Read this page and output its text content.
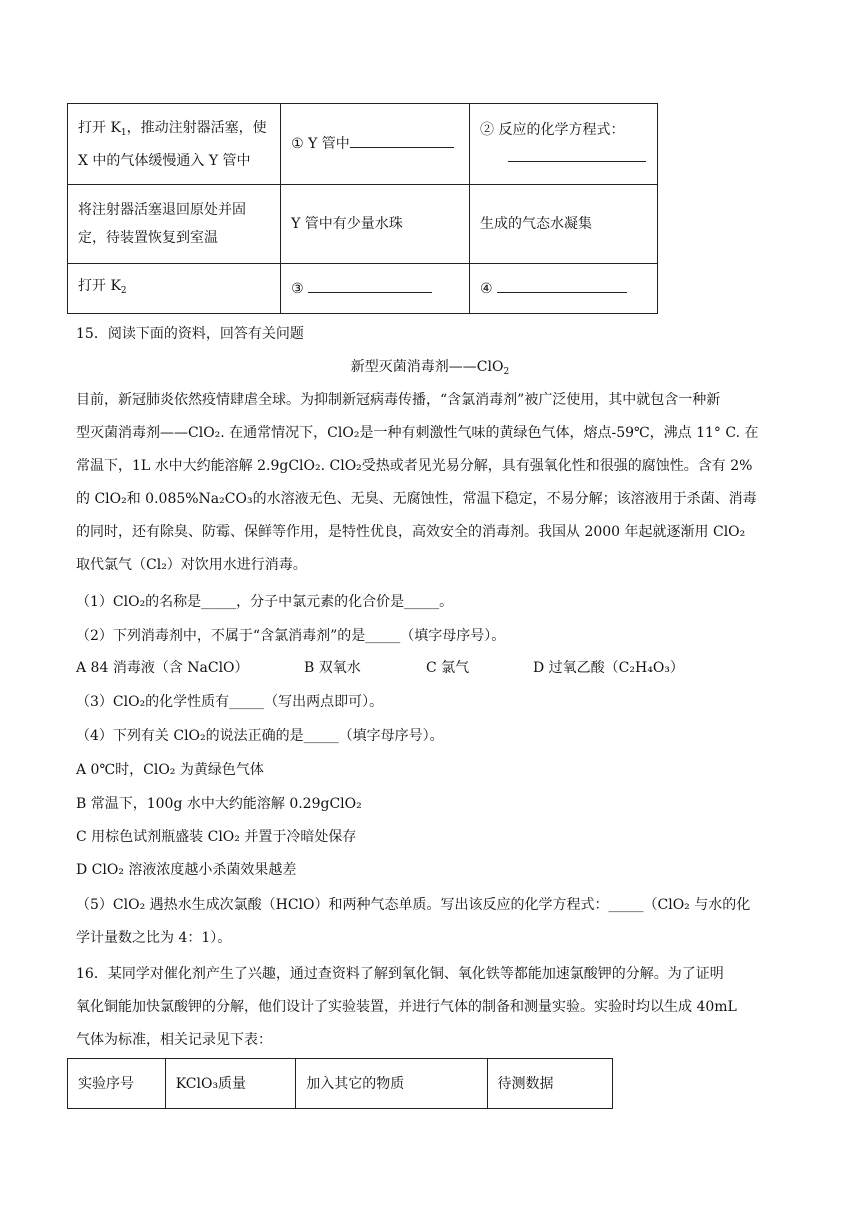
打开 $K_1$，推动注射器活塞，使
X 中的气体缓慢通入 Y 管中	① Y 管中	② 反应的化学方程式：

将注射器活塞退回原处并固
定，待装置恢复到室温	Y 管中有少量水珠	生成的气态水凝集
打开 $K_2$	③	④
15．阅读下面的资料，回答有关问题
新型灭菌消毒剂——ClO$_2$
目前，新冠肺炎依然疫情肆虐全球。为抑制新冠病毒传播，“含氯消毒剂”被广泛使用，其中就包含一种新
型灭菌消毒剂——ClO₂. 在通常情况下，ClO₂是一种有刺激性气味的黄绿色气体，熔点-59℃，沸点 11° C. 在
常温下，1L 水中大约能溶解 2.9gClO₂. ClO₂受热或者见光易分解，具有强氧化性和很强的腐蚀性。含有 2%
的 ClO₂和 0.085%Na₂CO₃的水溶液无色、无臭、无腐蚀性，常温下稳定，不易分解；该溶液用于杀菌、消毒
的同时，还有除臭、防霉、保鲜等作用，是特性优良，高效安全的消毒剂。我国从 2000 年起就逐渐用 ClO₂
取代氯气（Cl₂）对饮用水进行消毒。
（1）ClO₂的名称是_____，分子中氯元素的化合价是_____。
（2）下列消毒剂中，不属于“含氯消毒剂”的是_____（填字母序号）。
A 84 消毒液（含 NaClO）	B 双氧水	C 氯气	D 过氧乙酸（C₂H₄O₃）
（3）ClO₂的化学性质有_____（写出两点即可）。
（4）下列有关 ClO₂的说法正确的是_____（填字母序号）。
A 0℃时，ClO₂ 为黄绿色气体
B 常温下，100g 水中大约能溶解 0.29gClO₂
C 用棕色试剂瓶盛装 ClO₂ 并置于冷暗处保存
D ClO₂ 溶液浓度越小杀菌效果越差
（5）ClO₂ 遇热水生成次氯酸（HClO）和两种气态单质。写出该反应的化学方程式：_____（ClO₂ 与水的化
学计量数之比为 4：1）。
16．某同学对催化剂产生了兴趣，通过查资料了解到氧化铜、氧化铁等都能加速氯酸钾的分解。为了证明
氧化铜能加快氯酸钾的分解，他们设计了实验装置，并进行气体的制备和测量实验。实验时均以生成 40mL
气体为标准，相关记录见下表：
实验序号	KClO₃质量	加入其它的物质	待测数据
